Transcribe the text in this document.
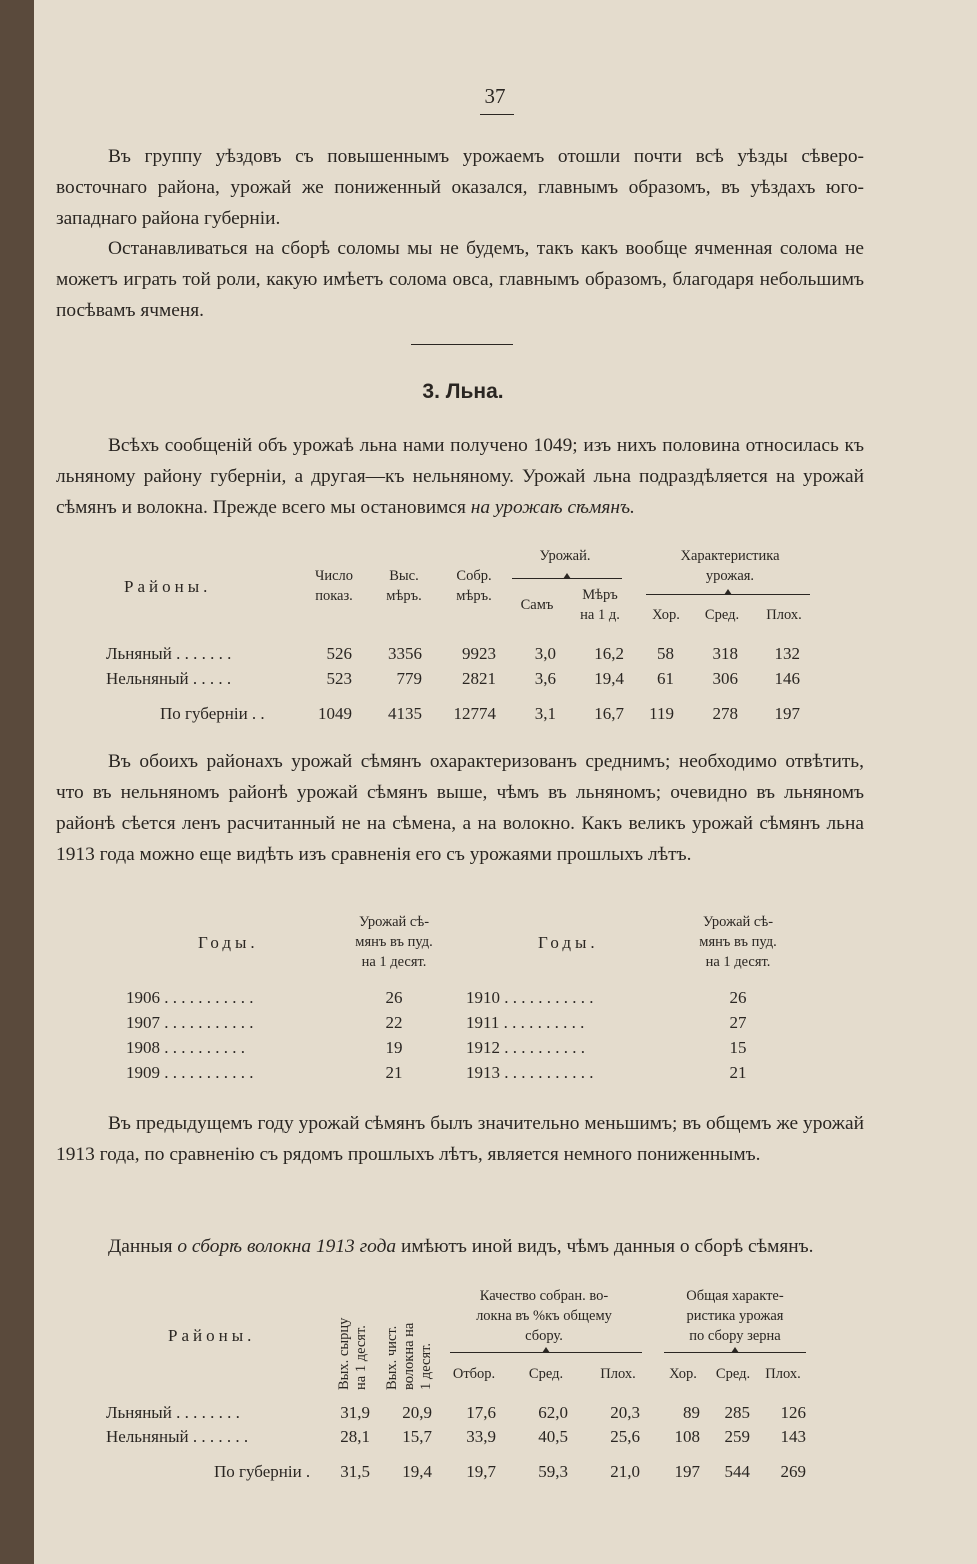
37

Въ группу уѣздовъ съ повышеннымъ урожаемъ отошли почти всѣ уѣзды сѣверо-восточнаго района, урожай же пониженный оказался, главнымъ образомъ, въ уѣздахъ юго-западнаго района губерніи.

Останавливаться на сборѣ соломы мы не будемъ, такъ какъ вообще ячменная солома не можетъ играть той роли, какую имѣетъ солома овса, главнымъ образомъ, благодаря небольшимъ посѣвамъ ячменя.

3. Льна.

Всѣхъ сообщеній объ урожаѣ льна нами получено 1049; изъ нихъ половина относилась къ льняному району губерніи, а другая—къ нельняному. Урожай льна подраздѣляется на урожай сѣмянъ и волокна. Прежде всего мы остановимся на урожаѣ сѣмянъ.

Районы.
Число
показ.
Выс.
мѣръ.
Собр.
мѣръ.
Урожай.
Самъ
Мѣръ
на 1 д.
Характеристика
урожая.
Хор.	Сред.	Плох.
Льняный . . . . . . .	526	3356	9923	3,0	16,2	58	318	132
Нельняный . . . . .	523	779	2821	3,6	19,4	61	306	146
По губерніи . .	1049	4135	12774	3,1	16,7	119	278	197

Въ обоихъ районахъ урожай сѣмянъ охарактеризованъ среднимъ; необходимо отвѣтить, что въ нельняномъ районѣ урожай сѣмянъ выше, чѣмъ въ льняномъ; очевидно въ льняномъ районѣ сѣется ленъ расчитанный не на сѣмена, а на волокно. Какъ великъ урожай сѣмянъ льна 1913 года можно еще видѣть изъ сравненія его съ урожаями прошлыхъ лѣтъ.

Годы.
Урожай сѣ-
мянъ въ пуд.
на 1 десят.
Годы.
Урожай сѣ-
мянъ въ пуд.
на 1 десят.
1906 . . . . . . . . . . .	26
1907 . . . . . . . . . . .	22
1908 . . . . . . . . . .	19
1909 . . . . . . . . . . .	21
1910 . . . . . . . . . . .	26
1911 . . . . . . . . . .	27
1912 . . . . . . . . . .	15
1913 . . . . . . . . . . .	21

Въ предыдущемъ году урожай сѣмянъ былъ значительно меньшимъ; въ общемъ же урожай 1913 года, по сравненію съ рядомъ прошлыхъ лѣтъ, является немного пониженнымъ.

Данныя о сборѣ волокна 1913 года имѣютъ иной видъ, чѣмъ данныя о сборѣ сѣмянъ.

Районы.	Вых. сырцу на 1 десят. Вых. чист. волокна на 1 десят.
Качество собран. во-
локна въ %къ общему
сбору.
Отбор.	Сред.	Плох.
Общая характе-
ристика урожая
по сбору зерна
Хор.	Сред.	Плох.
Льняный . . . . . . . .	31,9	20,9	17,6	62,0	20,3	89	285	126
Нельняный . . . . . . .	28,1	15,7	33,9	40,5	25,6	108	259	143
По губерніи .	31,5	19,4	19,7	59,3	21,0	197	544	269
